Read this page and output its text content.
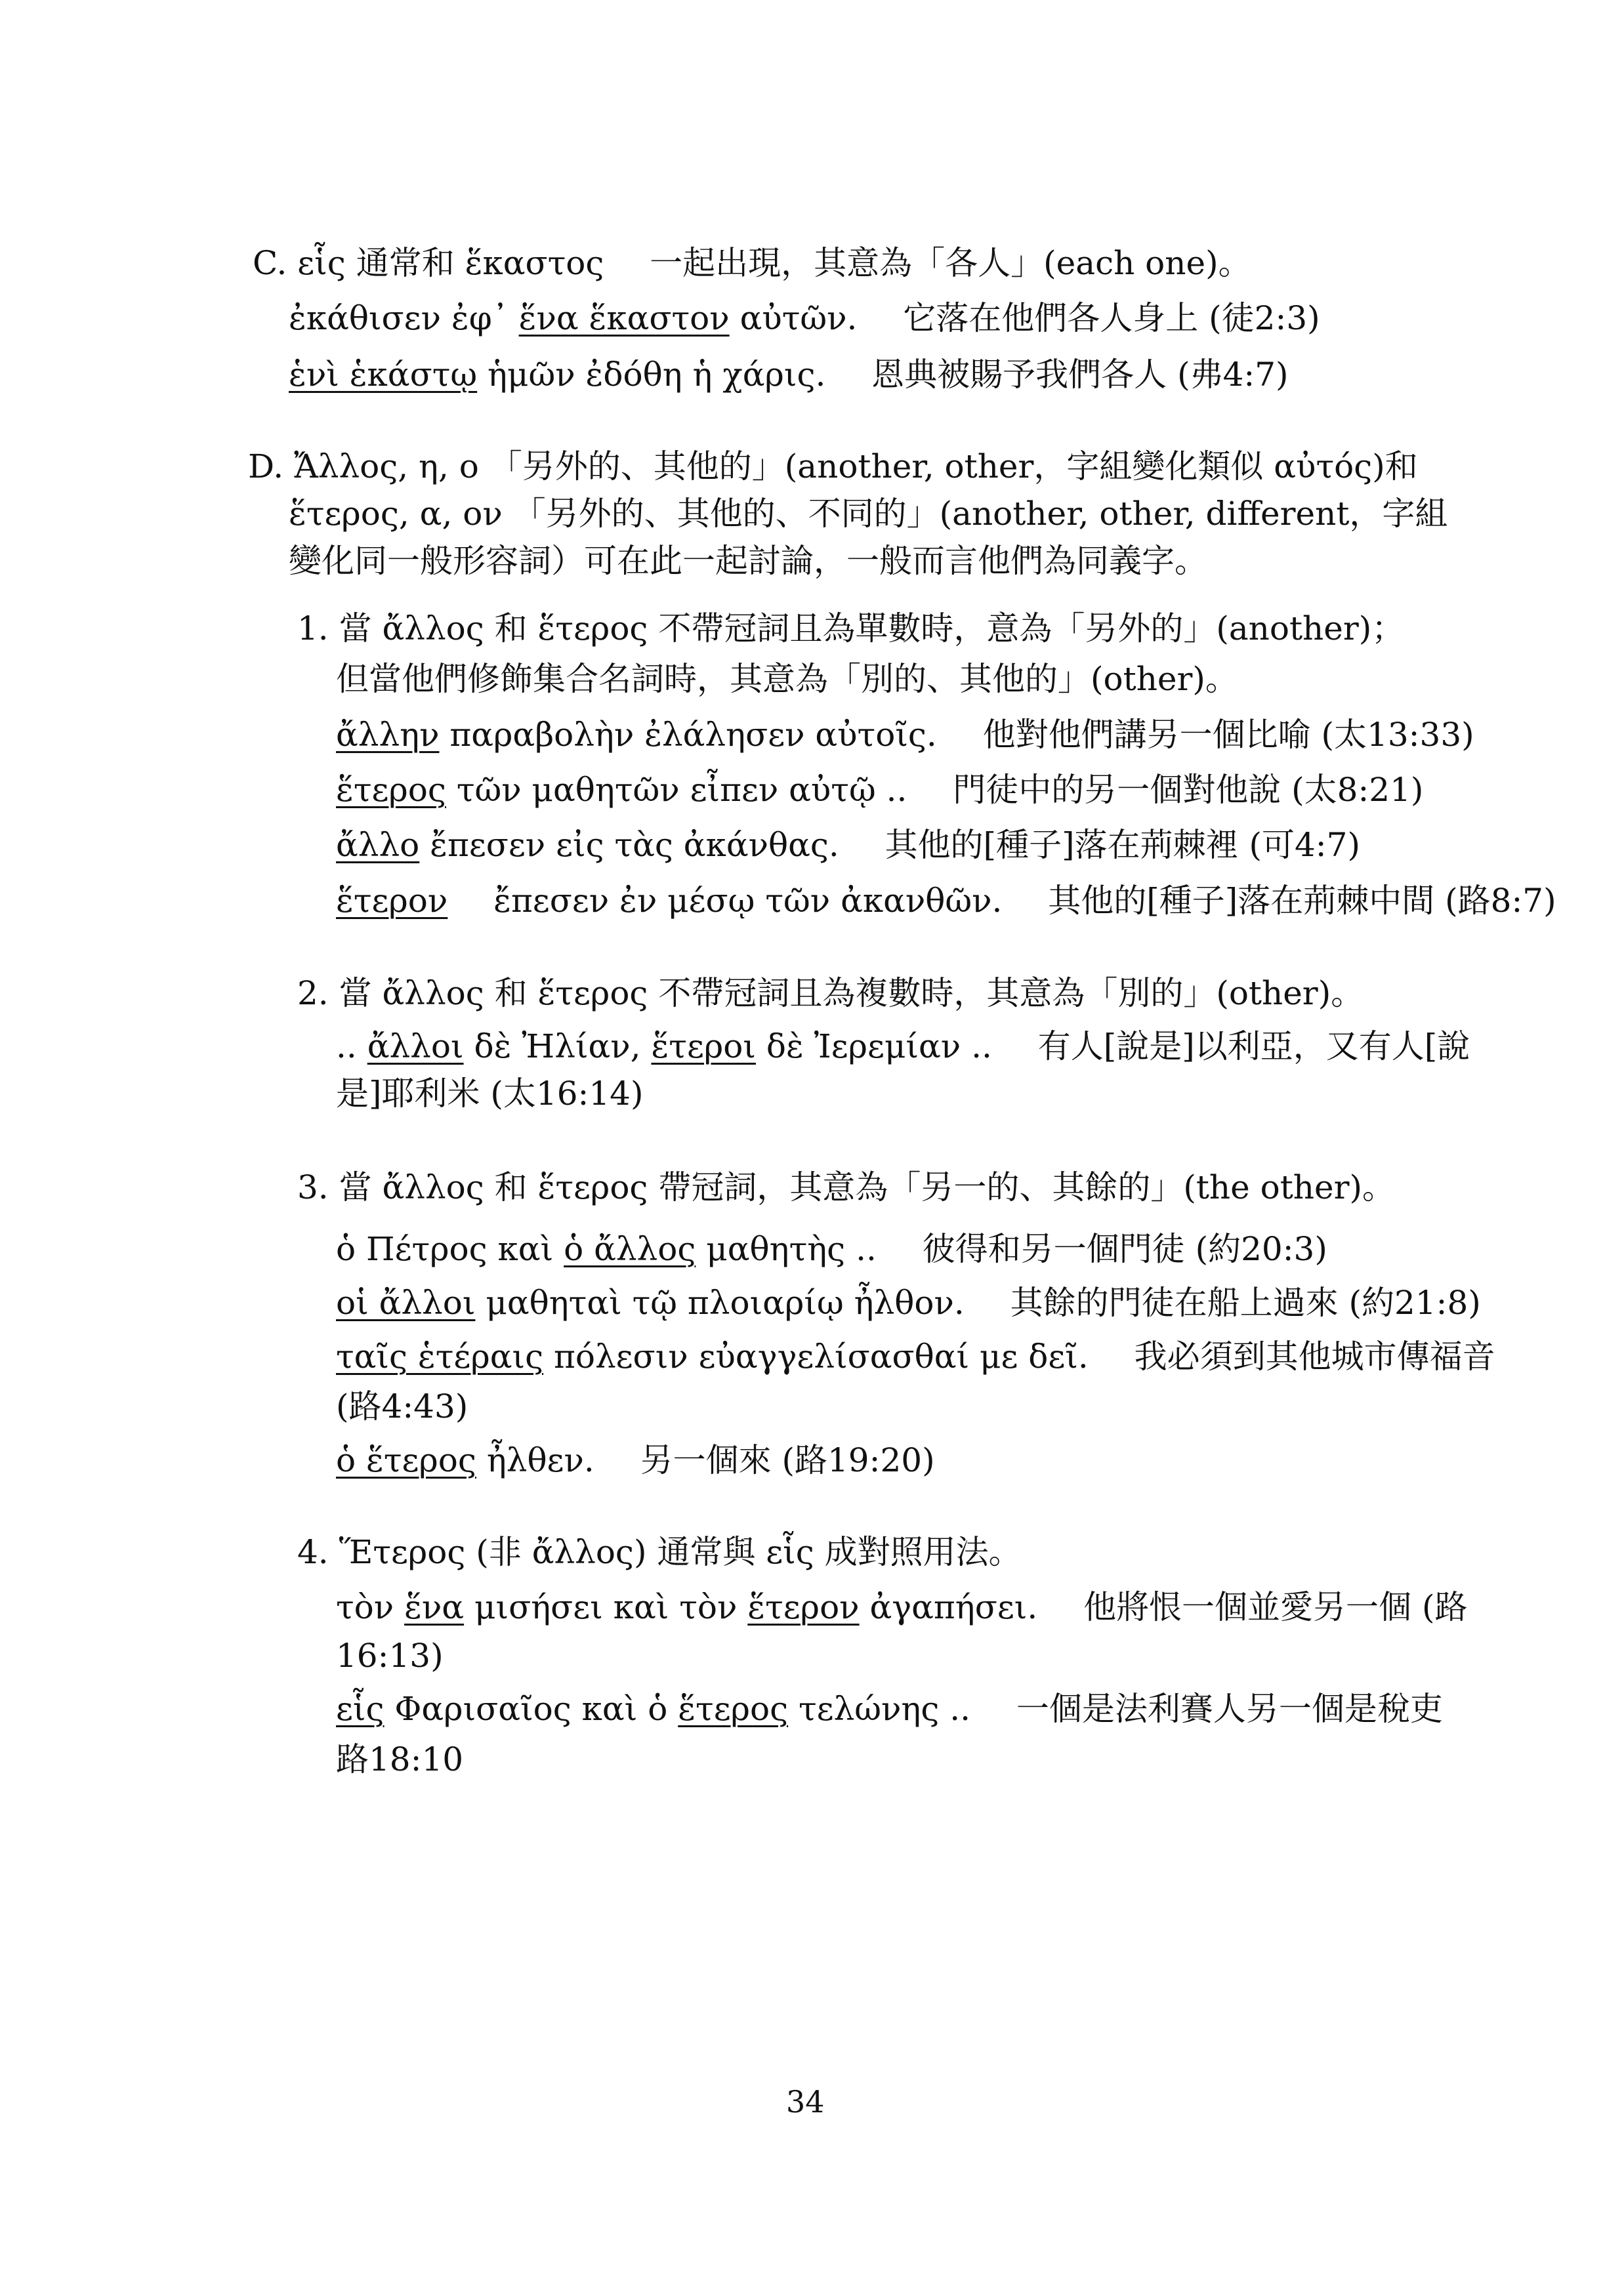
C. εἷς 通常和 ἕκαστος 一起出現，其意為「各人」(each one)。
ἐκάθισεν ἐφ᾽ ἕνα ἕκαστον αὐτῶν. 它落在他們各人身上 (徒2:3)
ἑνὶ ἑκάστῳ ἡμῶν ἐδόθη ἡ χάρις. 恩典被賜予我們各人 (弗4:7)
D. Ἄλλος, η, ο 「另外的、其他的」(another, other，字組變化類似 αὐτός)和
ἕτερος, α, ον 「另外的、其他的、不同的」(another, other, different，字組
變化同一般形容詞）可在此一起討論，一般而言他們為同義字。
1. 當 ἄλλος 和 ἕτερος 不帶冠詞且為單數時，意為「另外的」(another)；
但當他們修飾集合名詞時，其意為「別的、其他的」(other)。
ἄλλην παραβολὴν ἐλάλησεν αὐτοῖς. 他對他們講另一個比喻 (太13:33)
ἕτερος τῶν μαθητῶν εἶπεν αὐτῷ .. 門徒中的另一個對他說 (太8:21)
ἄλλο ἔπεσεν εἰς τὰς ἀκάνθας. 其他的[種子]落在荊棘裡 (可4:7)
ἕτερον ἔπεσεν ἐν μέσῳ τῶν ἀκανθῶν. 其他的[種子]落在荊棘中間 (路8:7)
2. 當 ἄλλος 和 ἕτερος 不帶冠詞且為複數時，其意為「別的」(other)。
.. ἄλλοι δὲ Ἠλίαν, ἕτεροι δὲ Ἰερεμίαν .. 有人[說是]以利亞，又有人[說
是]耶利米 (太16:14)
3. 當 ἄλλος 和 ἕτερος 帶冠詞，其意為「另一的、其餘的」(the other)。
ὁ Πέτρος καὶ ὁ ἄλλος μαθητὴς .. 彼得和另一個門徒 (約20:3)
οἱ ἄλλοι μαθηταὶ τῷ πλοιαρίῳ ἦλθον. 其餘的門徒在船上過來 (約21:8)
ταῖς ἑτέραις πόλεσιν εὐαγγελίσασθαί με δεῖ. 我必須到其他城市傳福音
(路4:43)
ὁ ἕτερος ἦλθεν. 另一個來 (路19:20)
4. Ἕτερος (非 ἄλλος) 通常與 εἷς 成對照用法。
τὸν ἕνα μισήσει καὶ τὸν ἕτερον ἀγαπήσει. 他將恨一個並愛另一個 (路
16:13)
εἷς Φαρισαῖος καὶ ὁ ἕτερος τελώνης .. 一個是法利賽人另一個是稅吏
路18:10
34
